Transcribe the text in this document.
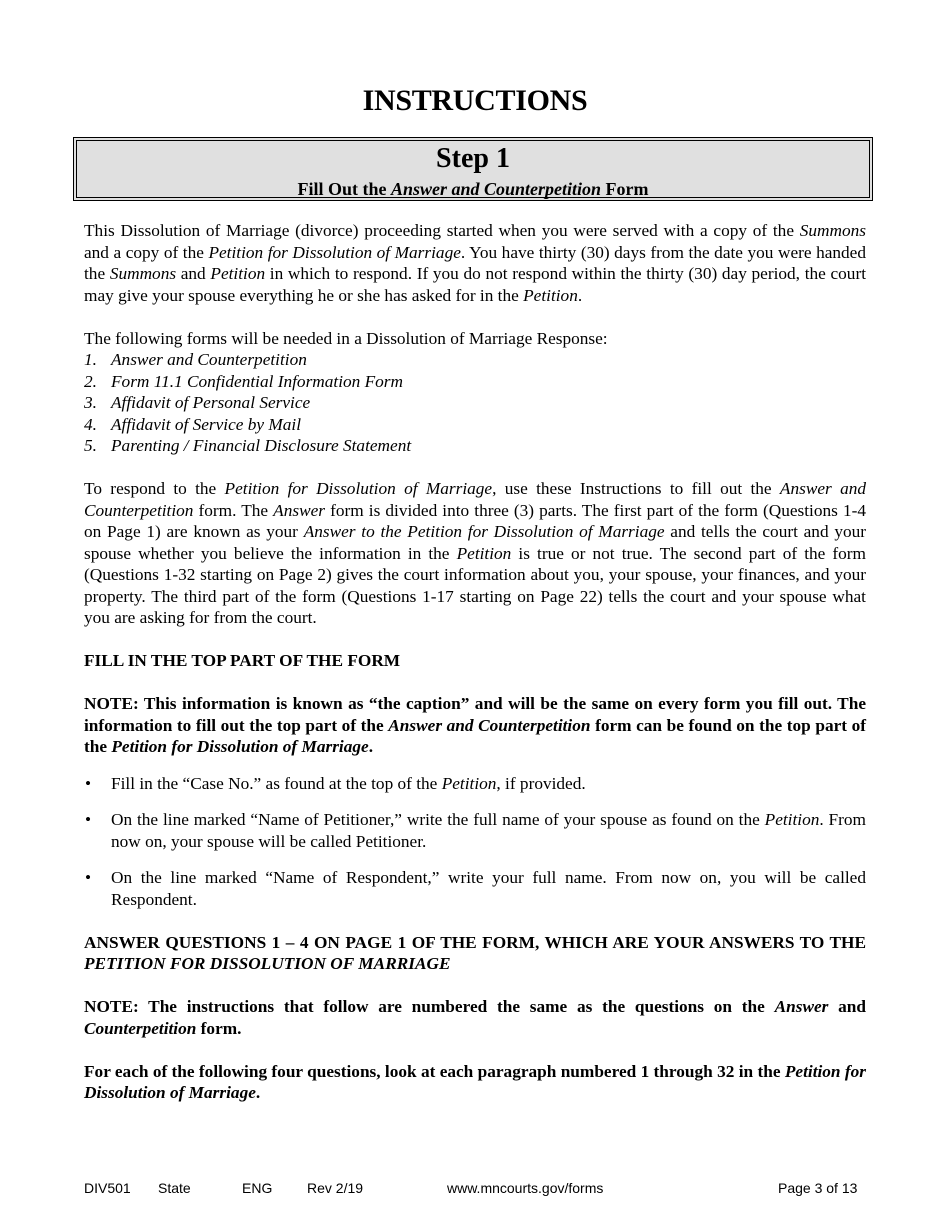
INSTRUCTIONS
Step 1
Fill Out the Answer and Counterpetition Form

This Dissolution of Marriage (divorce) proceeding started when you were served with a copy of the Summons and a copy of the Petition for Dissolution of Marriage. You have thirty (30) days from the date you were handed the Summons and Petition in which to respond. If you do not respond within the thirty (30) day period, the court may give your spouse everything he or she has asked for in the Petition.

The following forms will be needed in a Dissolution of Marriage Response:

1. Answer and Counterpetition
2. Form 11.1 Confidential Information Form
3. Affidavit of Personal Service
4. Affidavit of Service by Mail
5. Parenting / Financial Disclosure Statement

To respond to the Petition for Dissolution of Marriage, use these Instructions to fill out the Answer and Counterpetition form. The Answer form is divided into three (3) parts. The first part of the form (Questions 1-4 on Page 1) are known as your Answer to the Petition for Dissolution of Marriage and tells the court and your spouse whether you believe the information in the Petition is true or not true. The second part of the form (Questions 1-32 starting on Page 2) gives the court information about you, your spouse, your finances, and your property. The third part of the form (Questions 1-17 starting on Page 22) tells the court and your spouse what you are asking for from the court.

FILL IN THE TOP PART OF THE FORM

NOTE: This information is known as “the caption” and will be the same on every form you fill out. The information to fill out the top part of the Answer and Counterpetition form can be found on the top part of the Petition for Dissolution of Marriage.

• Fill in the “Case No.” as found at the top of the Petition, if provided.
• On the line marked “Name of Petitioner,” write the full name of your spouse as found on the Petition. From now on, your spouse will be called Petitioner.
• On the line marked “Name of Respondent,” write your full name. From now on, you will be called Respondent.

ANSWER QUESTIONS 1 – 4 ON PAGE 1 OF THE FORM, WHICH ARE YOUR ANSWERS TO THE PETITION FOR DISSOLUTION OF MARRIAGE

NOTE: The instructions that follow are numbered the same as the questions on the Answer and Counterpetition form.

For each of the following four questions, look at each paragraph numbered 1 through 32 in the Petition for Dissolution of Marriage.

DIV501 State	ENG Rev 2/19	www.mncourts.gov/forms	Page 3 of 13
